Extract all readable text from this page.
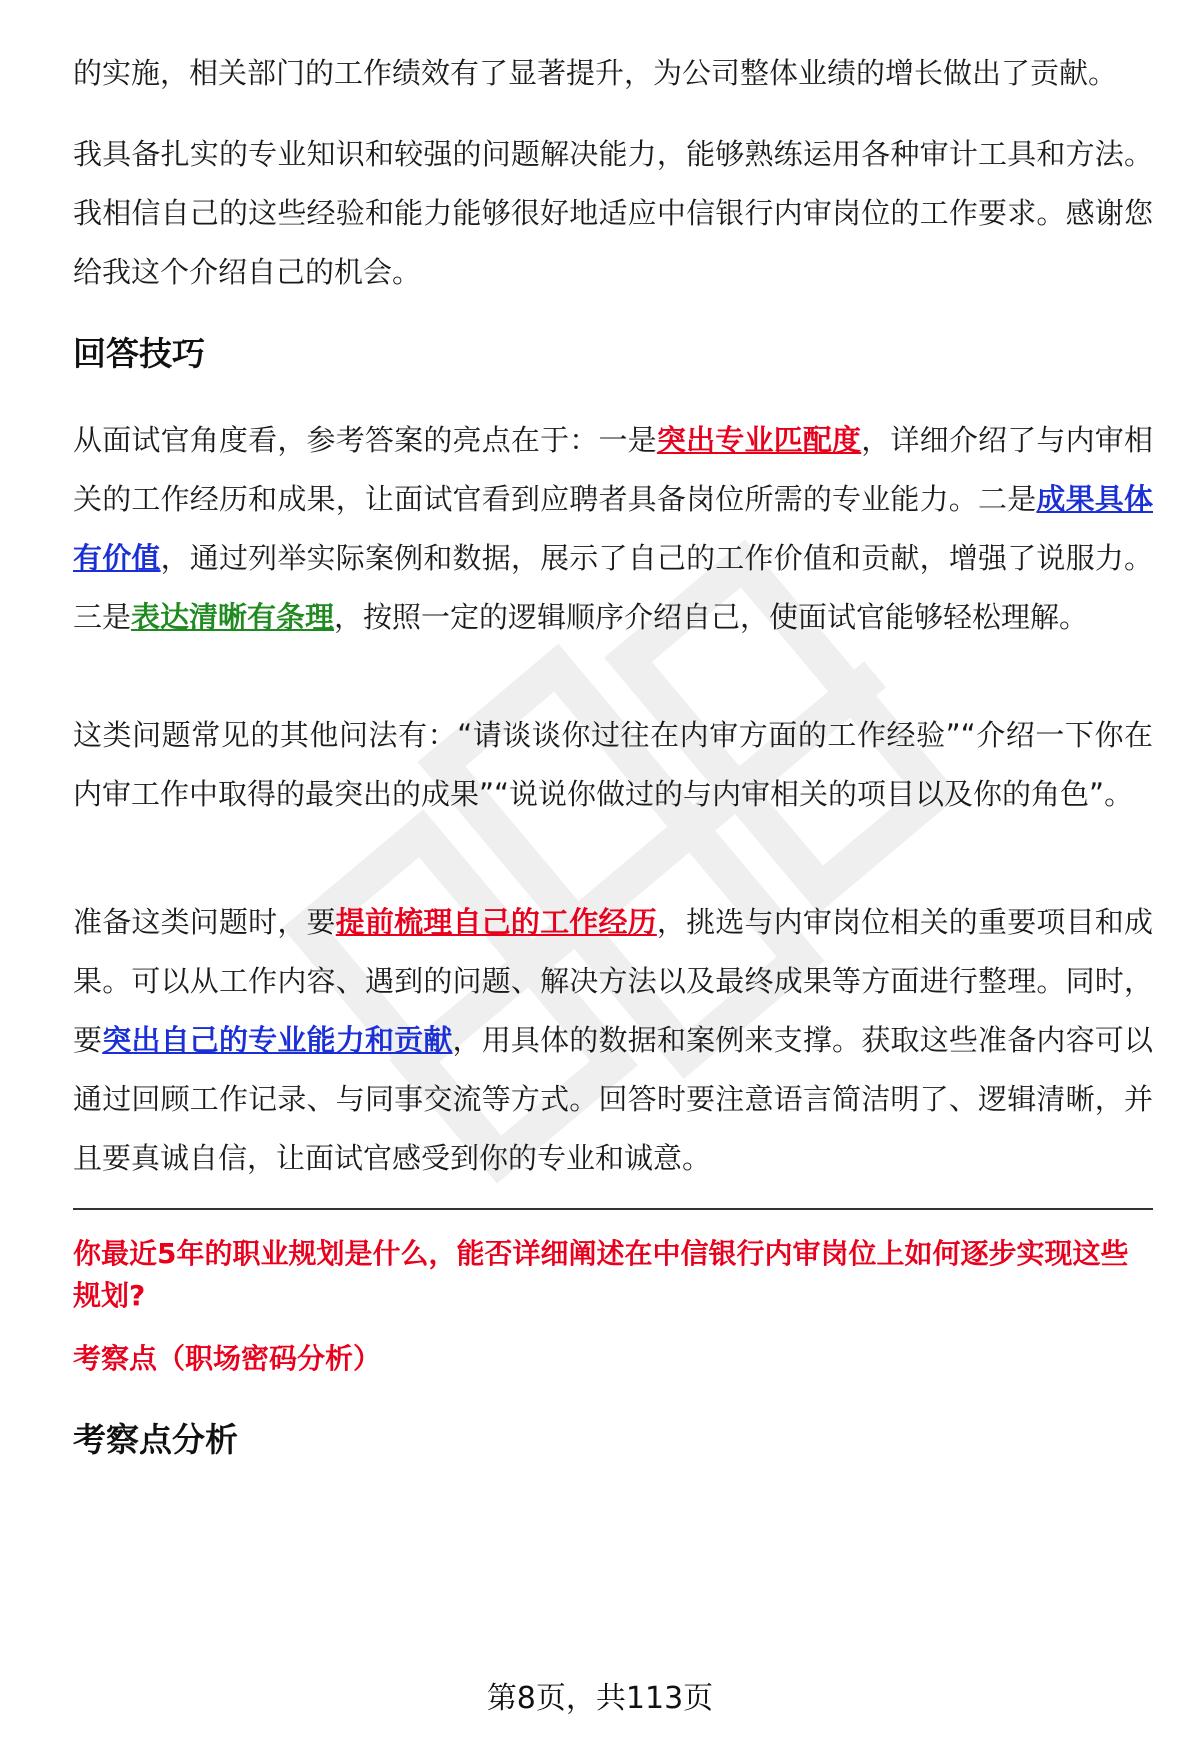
的实施，相关部门的工作绩效有了显著提升，为公司整体业绩的增长做出了贡献。

我具备扎实的专业知识和较强的问题解决能力，能够熟练运用各种审计工具和方法。我相信自己的这些经验和能力能够很好地适应中信银行内审岗位的工作要求。感谢您给我这个介绍自己的机会。

回答技巧

从面试官角度看，参考答案的亮点在于：一是突出专业匹配度，详细介绍了与内审相关的工作经历和成果，让面试官看到应聘者具备岗位所需的专业能力。二是成果具体有价值，通过列举实际案例和数据，展示了自己的工作价值和贡献，增强了说服力。三是表达清晰有条理，按照一定的逻辑顺序介绍自己，使面试官能够轻松理解。

这类问题常见的其他问法有：“请谈谈你过往在内审方面的工作经验”“介绍一下你在内审工作中取得的最突出的成果”“说说你做过的与内审相关的项目以及你的角色”。

准备这类问题时，要提前梳理自己的工作经历，挑选与内审岗位相关的重要项目和成果。可以从工作内容、遇到的问题、解决方法以及最终成果等方面进行整理。同时，要突出自己的专业能力和贡献，用具体的数据和案例来支撑。获取这些准备内容可以通过回顾工作记录、与同事交流等方式。回答时要注意语言简洁明了、逻辑清晰，并且要真诚自信，让面试官感受到你的专业和诚意。

你最近5年的职业规划是什么，能否详细阐述在中信银行内审岗位上如何逐步实现这些规划?

考察点（职场密码分析）

考察点分析
第8页，共113页
